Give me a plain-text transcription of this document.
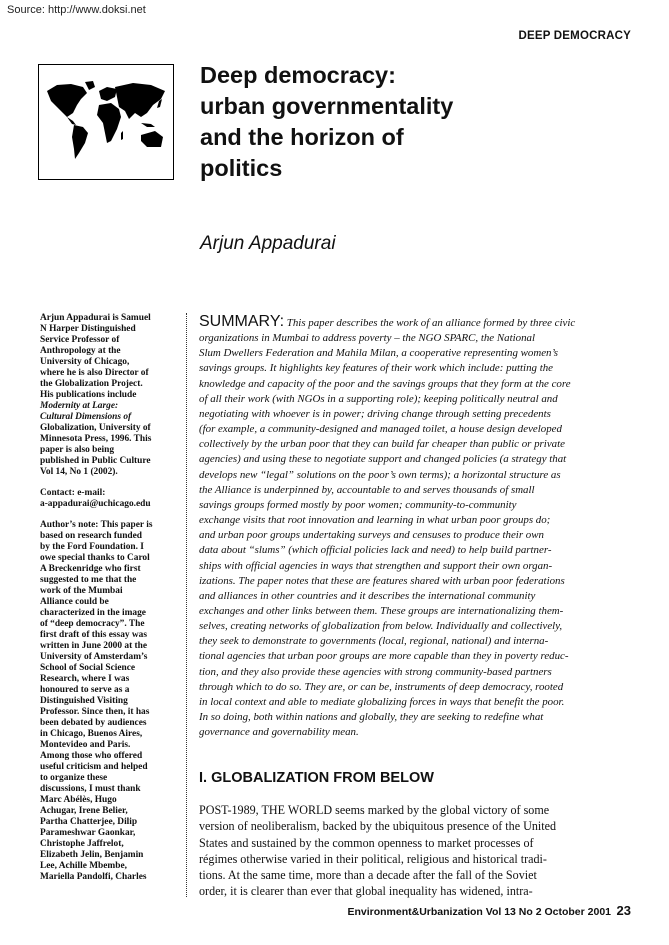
Source: http://www.doksi.net
DEEP DEMOCRACY
Deep democracy:
urban governmentality
and the horizon of
politics
Arjun Appadurai

Arjun Appadurai is Samuel
N Harper Distinguished
Service Professor of
Anthropology at the
University of Chicago,
where he is also Director of
the Globalization Project.
His publications include
Modernity at Large:
Cultural Dimensions of
Globalization, University of
Minnesota Press, 1996. This
paper is also being
published in Public Culture
Vol 14, No 1 (2002).

Contact: e-mail:
a-appadurai@uchicago.edu

Author’s note: This paper is
based on research funded
by the Ford Foundation. I
owe special thanks to Carol
A Breckenridge who first
suggested to me that the
work of the Mumbai
Alliance could be
characterized in the image
of “deep democracy”. The
first draft of this essay was
written in June 2000 at the
University of Amsterdam’s
School of Social Science
Research, where I was
honoured to serve as a
Distinguished Visiting
Professor. Since then, it has
been debated by audiences
in Chicago, Buenos Aires,
Montevideo and Paris.
Among those who offered
useful criticism and helped
to organize these
discussions, I must thank
Marc Abélès, Hugo
Achugar, Irene Belier,
Partha Chatterjee, Dilip
Parameshwar Gaonkar,
Christophe Jaffrelot,
Elizabeth Jelin, Benjamin
Lee, Achille Mbembe,
Mariella Pandolfi, Charles

SUMMARY: This paper describes the work of an alliance formed by three civic
organizations in Mumbai to address poverty – the NGO SPARC, the National
Slum Dwellers Federation and Mahila Milan, a cooperative representing women’s
savings groups. It highlights key features of their work which include: putting the
knowledge and capacity of the poor and the savings groups that they form at the core
of all their work (with NGOs in a supporting role); keeping politically neutral and
negotiating with whoever is in power; driving change through setting precedents
(for example, a community-designed and managed toilet, a house design developed
collectively by the urban poor that they can build far cheaper than public or private
agencies) and using these to negotiate support and changed policies (a strategy that
develops new “legal” solutions on the poor’s own terms); a horizontal structure as
the Alliance is underpinned by, accountable to and serves thousands of small
savings groups formed mostly by poor women; community-to-community
exchange visits that root innovation and learning in what urban poor groups do;
and urban poor groups undertaking surveys and censuses to produce their own
data about “slums” (which official policies lack and need) to help build partner-
ships with official agencies in ways that strengthen and support their own organ-
izations. The paper notes that these are features shared with urban poor federations
and alliances in other countries and it describes the international community
exchanges and other links between them. These groups are internationalizing them-
selves, creating networks of globalization from below. Individually and collectively,
they seek to demonstrate to governments (local, regional, national) and interna-
tional agencies that urban poor groups are more capable than they in poverty reduc-
tion, and they also provide these agencies with strong community-based partners
through which to do so. They are, or can be, instruments of deep democracy, rooted
in local context and able to mediate globalizing forces in ways that benefit the poor.
In so doing, both within nations and globally, they are seeking to redefine what
governance and governability mean.
I. GLOBALIZATION FROM BELOW
POST-1989, THE WORLD seems marked by the global victory of some
version of neoliberalism, backed by the ubiquitous presence of the United
States and sustained by the common openness to market processes of
régimes otherwise varied in their political, religious and historical tradi-
tions. At the same time, more than a decade after the fall of the Soviet
order, it is clearer than ever that global inequality has widened, intra-
Environment&Urbanization Vol 13 No 2 October 2001 23
